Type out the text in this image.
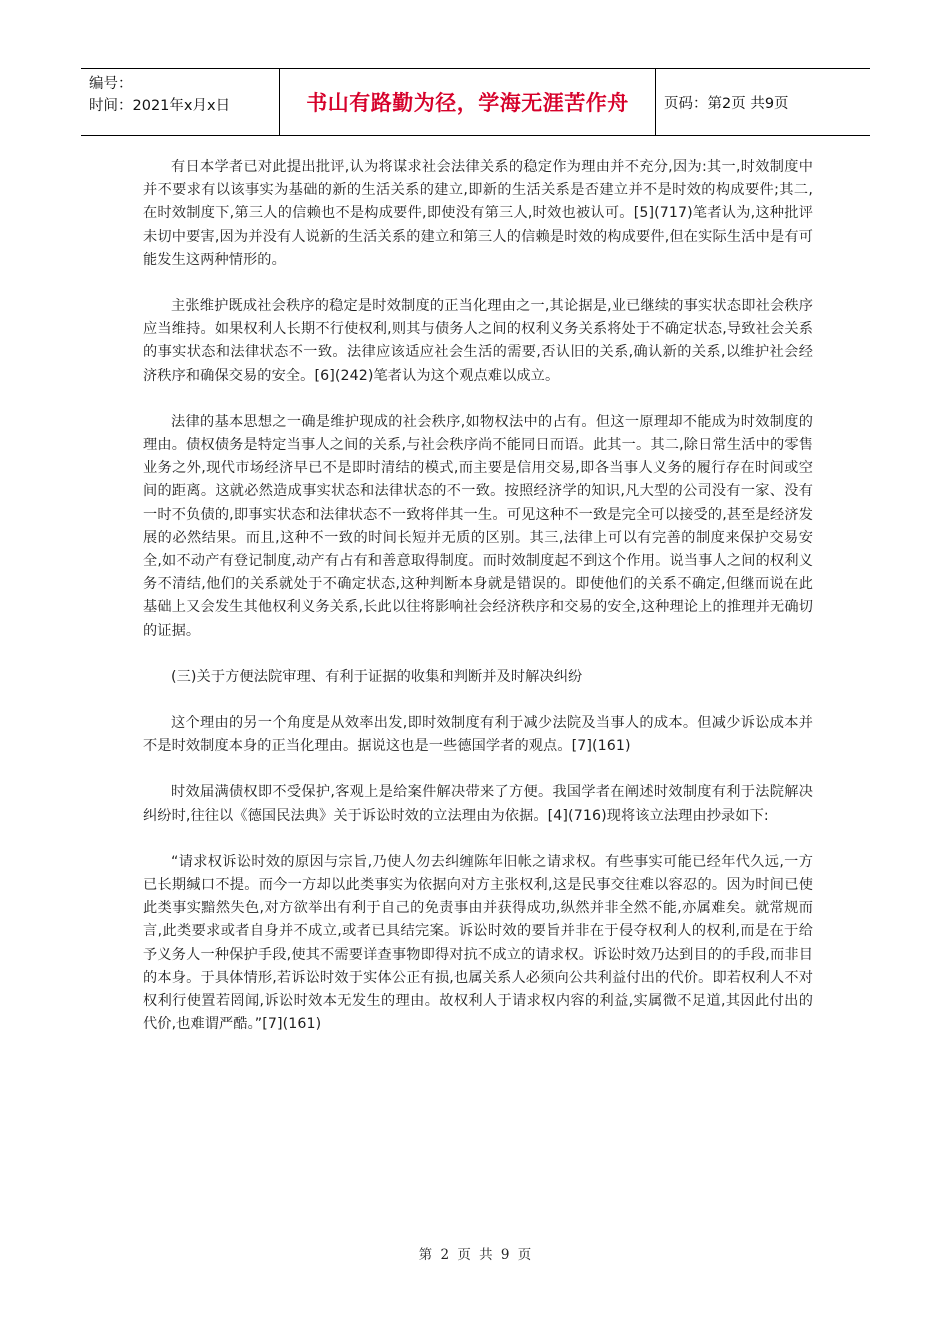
编号：
时间：2021年x月x日	书山有路勤为径，学海无涯苦作舟	页码：第2页 共9页

有日本学者已对此提出批评,认为将谋求社会法律关系的稳定作为理由并不充分,因为:其一,时效制度中并不要求有以该事实为基础的新的生活关系的建立,即新的生活关系是否建立并不是时效的构成要件;其二,在时效制度下,第三人的信赖也不是构成要件,即使没有第三人,时效也被认可。[5](717)笔者认为,这种批评未切中要害,因为并没有人说新的生活关系的建立和第三人的信赖是时效的构成要件,但在实际生活中是有可能发生这两种情形的。

主张维护既成社会秩序的稳定是时效制度的正当化理由之一,其论据是,业已继续的事实状态即社会秩序应当维持。如果权利人长期不行使权利,则其与债务人之间的权利义务关系将处于不确定状态,导致社会关系的事实状态和法律状态不一致。法律应该适应社会生活的需要,否认旧的关系,确认新的关系,以维护社会经济秩序和确保交易的安全。[6](242)笔者认为这个观点难以成立。

法律的基本思想之一确是维护现成的社会秩序,如物权法中的占有。但这一原理却不能成为时效制度的理由。债权债务是特定当事人之间的关系,与社会秩序尚不能同日而语。此其一。其二,除日常生活中的零售业务之外,现代市场经济早已不是即时清结的模式,而主要是信用交易,即各当事人义务的履行存在时间或空间的距离。这就必然造成事实状态和法律状态的不一致。按照经济学的知识,凡大型的公司没有一家、没有一时不负债的,即事实状态和法律状态不一致将伴其一生。可见这种不一致是完全可以接受的,甚至是经济发展的必然结果。而且,这种不一致的时间长短并无质的区别。其三,法律上可以有完善的制度来保护交易安全,如不动产有登记制度,动产有占有和善意取得制度。而时效制度起不到这个作用。说当事人之间的权利义务不清结,他们的关系就处于不确定状态,这种判断本身就是错误的。即使他们的关系不确定,但继而说在此基础上又会发生其他权利义务关系,长此以往将影响社会经济秩序和交易的安全,这种理论上的推理并无确切的证据。

(三)关于方便法院审理、有利于证据的收集和判断并及时解决纠纷

这个理由的另一个角度是从效率出发,即时效制度有利于减少法院及当事人的成本。但减少诉讼成本并不是时效制度本身的正当化理由。据说这也是一些德国学者的观点。[7](161)

时效届满债权即不受保护,客观上是给案件解决带来了方便。我国学者在阐述时效制度有利于法院解决纠纷时,往往以《德国民法典》关于诉讼时效的立法理由为依据。[4](716)现将该立法理由抄录如下:

“请求权诉讼时效的原因与宗旨,乃使人勿去纠缠陈年旧帐之请求权。有些事实可能已经年代久远,一方已长期缄口不提。而今一方却以此类事实为依据向对方主张权利,这是民事交往难以容忍的。因为时间已使此类事实黯然失色,对方欲举出有利于自己的免责事由并获得成功,纵然并非全然不能,亦属难矣。就常规而言,此类要求或者自身并不成立,或者已具结完案。诉讼时效的要旨并非在于侵夺权利人的权利,而是在于给予义务人一种保护手段,使其不需要详查事物即得对抗不成立的请求权。诉讼时效乃达到目的的手段,而非目的本身。于具体情形,若诉讼时效于实体公正有损,也属关系人必须向公共利益付出的代价。即若权利人不对权利行使置若罔闻,诉讼时效本无发生的理由。故权利人于请求权内容的利益,实属微不足道,其因此付出的代价,也难谓严酷。”[7](161)

第 2 页 共 9 页
